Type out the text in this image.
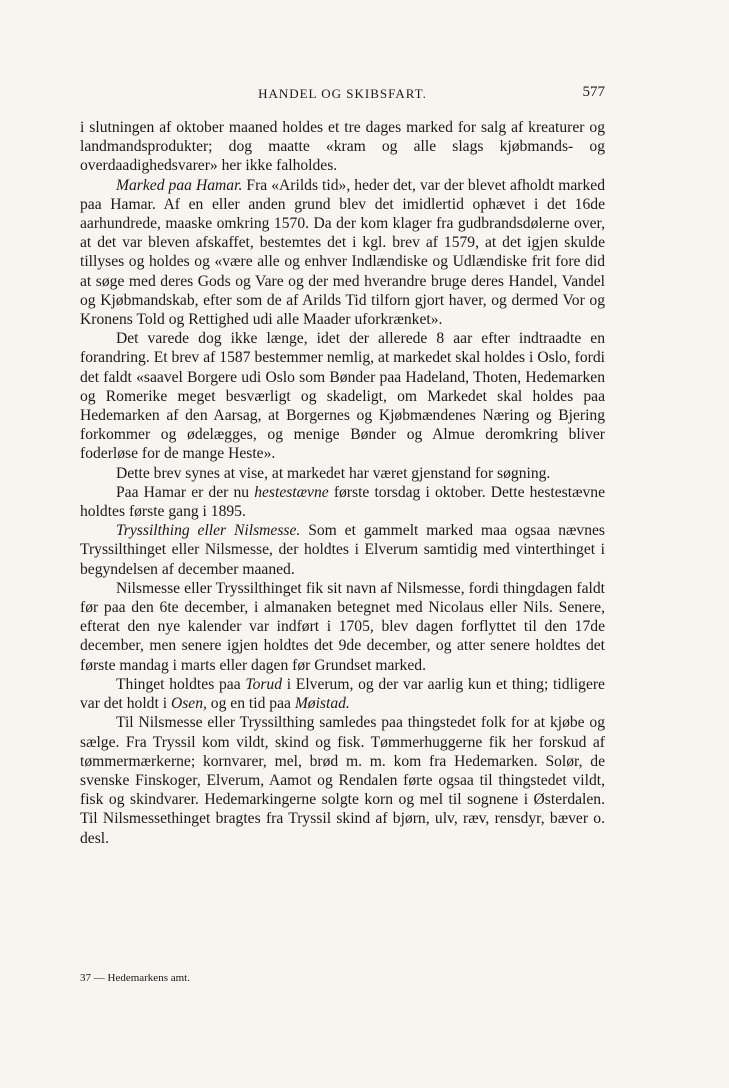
HANDEL OG SKIBSFART.	577

i slutningen af oktober maaned holdes et tre dages marked for salg af kreaturer og landmandsprodukter; dog maatte «kram og alle slags kjøbmands- og overdaadighedsvarer» her ikke falholdes.

Marked paa Hamar. Fra «Arilds tid», heder det, var der blevet afholdt marked paa Hamar. Af en eller anden grund blev det imidlertid ophævet i det 16de aarhundrede, maaske omkring 1570. Da der kom klager fra gudbrandsdølerne over, at det var bleven afskaffet, bestemtes det i kgl. brev af 1579, at det igjen skulde tillyses og holdes og «være alle og enhver Indlændiske og Udlændiske frit fore did at søge med deres Gods og Vare og der med hverandre bruge deres Handel, Vandel og Kjøbmandskab, efter som de af Arilds Tid tilforn gjort haver, og dermed Vor og Kronens Told og Rettighed udi alle Maader uforkrænket».

Det varede dog ikke længe, idet der allerede 8 aar efter indtraadte en forandring. Et brev af 1587 bestemmer nemlig, at markedet skal holdes i Oslo, fordi det faldt «saavel Borgere udi Oslo som Bønder paa Hadeland, Thoten, Hedemarken og Romerike meget besværligt og skadeligt, om Markedet skal holdes paa Hedemarken af den Aarsag, at Borgernes og Kjøbmændenes Næring og Bjering forkommer og ødelægges, og menige Bønder og Almue deromkring bliver foderløse for de mange Heste».

Dette brev synes at vise, at markedet har været gjenstand for søgning.

Paa Hamar er der nu hestestævne første torsdag i oktober. Dette hestestævne holdtes første gang i 1895.

Tryssilthing eller Nilsmesse. Som et gammelt marked maa ogsaa nævnes Tryssilthinget eller Nilsmesse, der holdtes i Elverum samtidig med vinterthinget i begyndelsen af december maaned.

Nilsmesse eller Tryssilthinget fik sit navn af Nilsmesse, fordi thingdagen faldt før paa den 6te december, i almanaken betegnet med Nicolaus eller Nils. Senere, efterat den nye kalender var indført i 1705, blev dagen forflyttet til den 17de december, men senere igjen holdtes det 9de december, og atter senere holdtes det første mandag i marts eller dagen før Grundset marked.

Thinget holdtes paa Torud i Elverum, og der var aarlig kun et thing; tidligere var det holdt i Osen, og en tid paa Møistad.

Til Nilsmesse eller Tryssilthing samledes paa thingstedet folk for at kjøbe og sælge. Fra Tryssil kom vildt, skind og fisk. Tømmerhuggerne fik her forskud af tømmermærkerne; kornvarer, mel, brød m. m. kom fra Hedemarken. Solør, de svenske Finskoger, Elverum, Aamot og Rendalen førte ogsaa til thingstedet vildt, fisk og skindvarer. Hedemarkingerne solgte korn og mel til sognene i Østerdalen. Til Nilsmessethinget bragtes fra Tryssil skind af bjørn, ulv, ræv, rensdyr, bæver o. desl.

37 — Hedemarkens amt.
